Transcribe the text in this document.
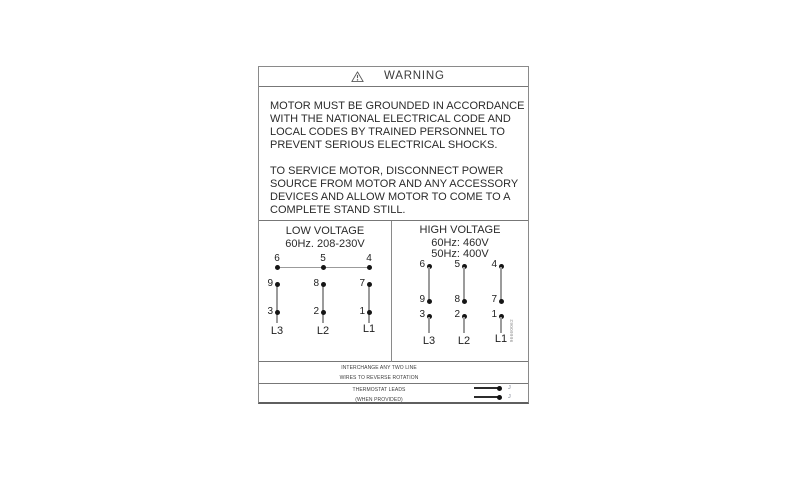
WARNING
MOTOR MUST BE GROUNDED IN ACCORDANCE
WITH THE NATIONAL ELECTRICAL CODE AND
LOCAL CODES BY TRAINED PERSONNEL TO
PREVENT SERIOUS ELECTRICAL SHOCKS.
TO SERVICE MOTOR, DISCONNECT POWER
SOURCE FROM MOTOR AND ANY ACCESSORY
DEVICES AND ALLOW MOTOR TO COME TO A
COMPLETE STAND STILL.
LOW VOLTAGE
60Hz. 208-230V
6	5	4
9	8	7
3	2	1
L3	L2	L1
HIGH VOLTAGE
60Hz: 460V
50Hz: 400V
6	5	4
9	8	7
3	2	1
L3	L2	L1 96660062
INTERCHANGE ANY TWO LINE
WIRES TO REVERSE ROTATION
THERMOSTAT LEADS
(WHEN PROVIDED)
J
J
